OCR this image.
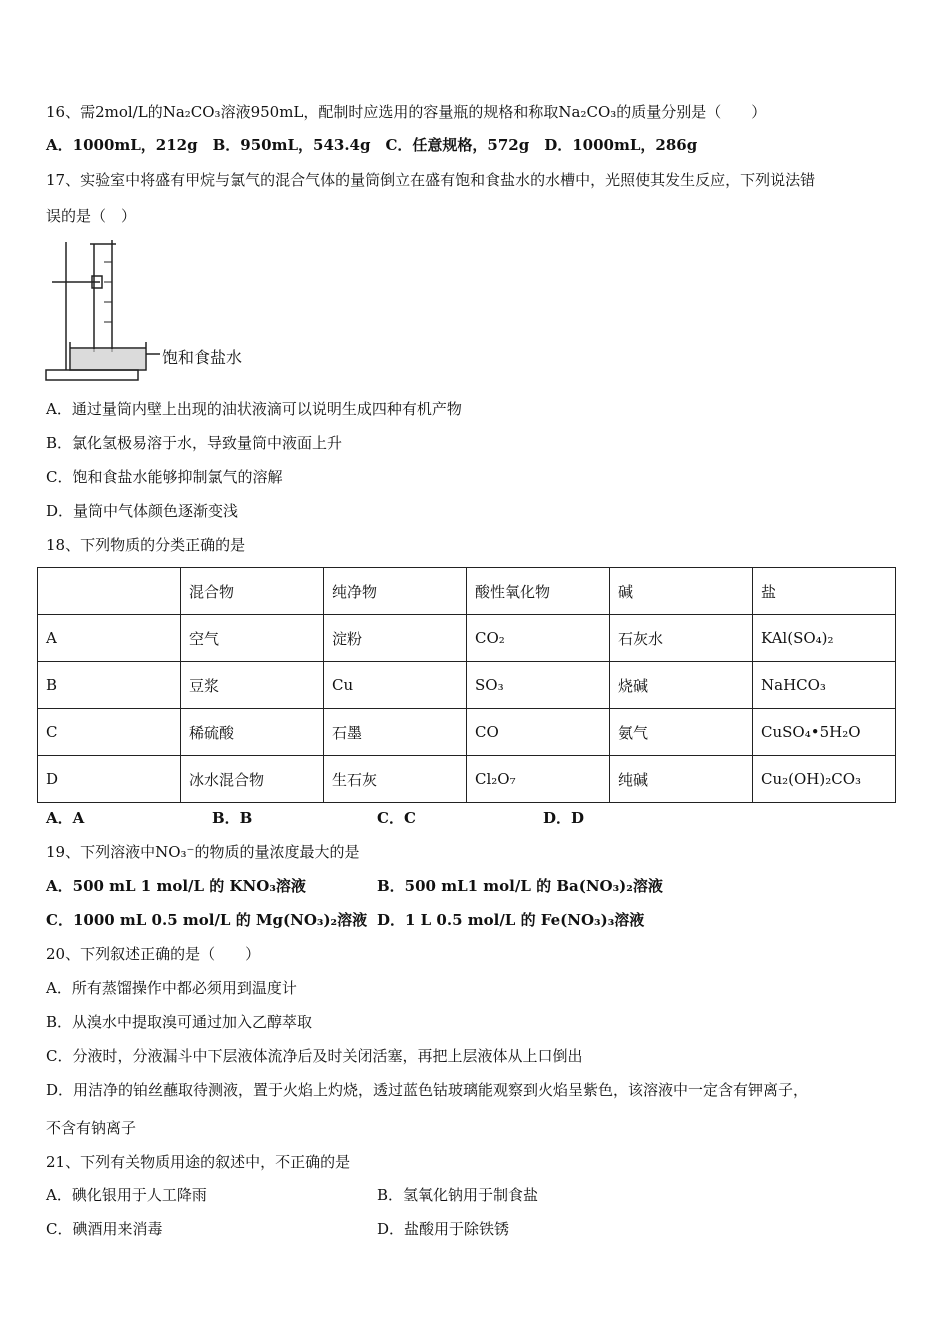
16、需2mol/L的Na₂CO₃溶液950mL，配制时应选用的容量瓶的规格和称取Na₂CO₃的质量分别是（　　）
A．1000mL，212g　B．950mL，543.4g　C．任意规格，572g　D．1000mL，286g
17、实验室中将盛有甲烷与氯气的混合气体的量筒倒立在盛有饱和食盐水的水槽中，光照使其发生反应，下列说法错
误的是（　）
饱和食盐水
A．通过量筒内壁上出现的油状液滴可以说明生成四种有机产物
B．氯化氢极易溶于水，导致量筒中液面上升
C．饱和食盐水能够抑制氯气的溶解
D．量筒中气体颜色逐渐变浅
18、下列物质的分类正确的是
	混合物	纯净物	酸性氧化物	碱	盐
A	空气	淀粉	CO₂	石灰水	KAl(SO₄)₂
B	豆浆	Cu	SO₃	烧碱	NaHCO₃
C	稀硫酸	石墨	CO	氨气	CuSO₄•5H₂O
D	冰水混合物	生石灰	Cl₂O₇	纯碱	Cu₂(OH)₂CO₃
A．A	B．B	C．C	D．D
19、下列溶液中NO₃⁻的物质的量浓度最大的是
A．500 mL 1 mol/L 的 KNO₃溶液	B．500 mL1 mol/L 的 Ba(NO₃)₂溶液
C．1000 mL 0.5 mol/L 的 Mg(NO₃)₂溶液 D．1 L 0.5 mol/L 的 Fe(NO₃)₃溶液
20、下列叙述正确的是（　　）
A．所有蒸馏操作中都必须用到温度计
B．从溴水中提取溴可通过加入乙醇萃取
C．分液时，分液漏斗中下层液体流净后及时关闭活塞，再把上层液体从上口倒出
D．用洁净的铂丝蘸取待测液，置于火焰上灼烧，透过蓝色钴玻璃能观察到火焰呈紫色，该溶液中一定含有钾离子，
不含有钠离子
21、下列有关物质用途的叙述中，不正确的是
A．碘化银用于人工降雨	B．氢氧化钠用于制食盐
C．碘酒用来消毒	D．盐酸用于除铁锈
